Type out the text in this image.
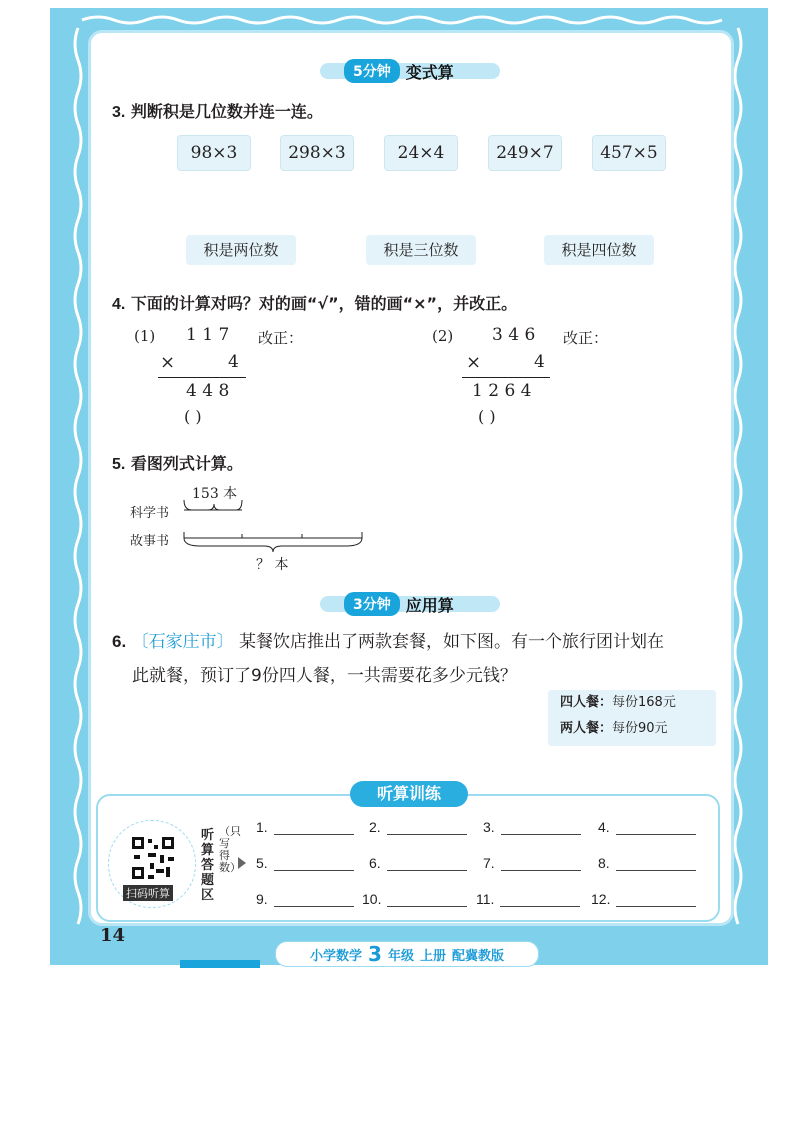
5分钟 变式算
3. 判断积是几位数并连一连。
98×3	298×3	24×4	249×7	457×5
积是两位数	积是三位数	积是四位数
4. 下面的计算对吗？对的画“√”，错的画“×”，并改正。
(1) 1 1 7 改正：
×	4
4 4 8
( )
(2) 3 4 6 改正：
×	4
1 2 6 4
( )
5. 看图列式计算。
153 本
科学书
故事书
？ 本
3分钟 应用算
6. 〔石家庄市〕 某餐饮店推出了两款套餐，如下图。有一个旅行团计划在
此就餐，预订了9份四人餐，一共需要花多少元钱？
四人餐：每份168元
两人餐：每份90元
听算训练
扫码听算
听算答题区
（只写得数）
1.	2.	3.	4.
5.	6.	7.	8.
9.	10.	11.	12.
14
小学数学 3 年级 上册 配冀教版
